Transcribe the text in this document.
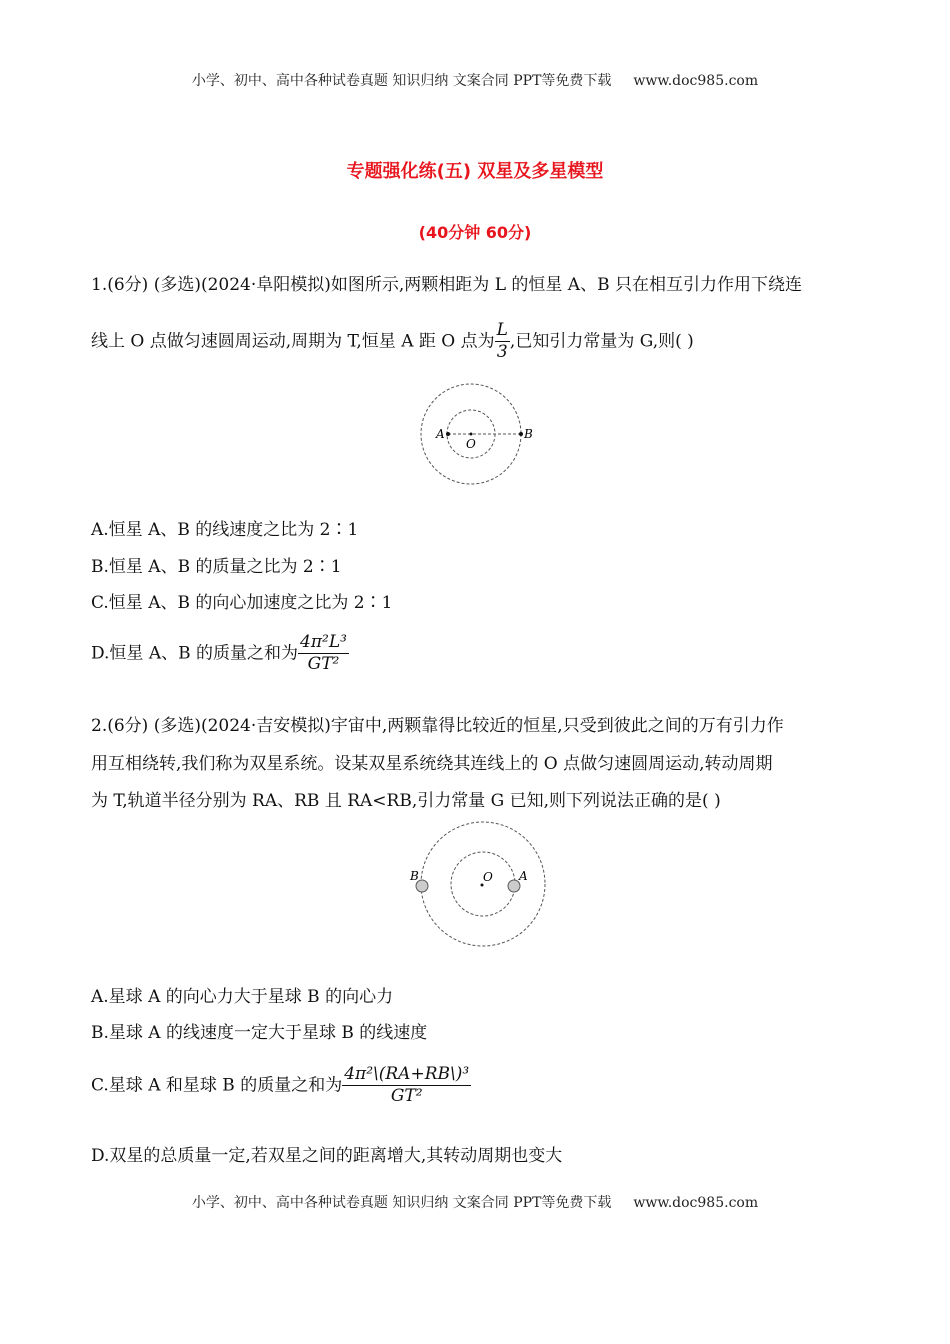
小学、初中、高中各种试卷真题 知识归纳 文案合同 PPT等免费下载 www.doc985.com
专题强化练(五) 双星及多星模型
(40分钟 60分)
1.(6分) (多选)(2024·阜阳模拟)如图所示,两颗相距为 L 的恒星 A、B 只在相互引力作用下绕连
线上 O 点做匀速圆周运动,周期为 T,恒星 A 距 O 点为 $\frac{L}{3}$ ,已知引力常量为 G,则( )
A
O
B
A.恒星 A、B 的线速度之比为 2∶1
B.恒星 A、B 的质量之比为 2∶1
C.恒星 A、B 的向心加速度之比为 2∶1
D.恒星 A、B 的质量之和为 $\frac{\text{4π²L³}}{\text{GT²}}$
2.(6分) (多选)(2024·吉安模拟)宇宙中,两颗靠得比较近的恒星,只受到彼此之间的万有引力作
用互相绕转,我们称为双星系统。设某双星系统绕其连线上的 O 点做匀速圆周运动,转动周期
为 T,轨道半径分别为 RA、RB 且 RA<RB,引力常量 G 已知,则下列说法正确的是( )
B	O A
A.星球 A 的向心力大于星球 B 的向心力
B.星球 A 的线速度一定大于星球 B 的线速度
C.星球 A 和星球 B 的质量之和为 $\frac{\text{4π²\textbackslash{}(RA+RB\textbackslash{})³}}{\text{GT²}}$
D.双星的总质量一定,若双星之间的距离增大,其转动周期也变大
小学、初中、高中各种试卷真题 知识归纳 文案合同 PPT等免费下载 www.doc985.com
